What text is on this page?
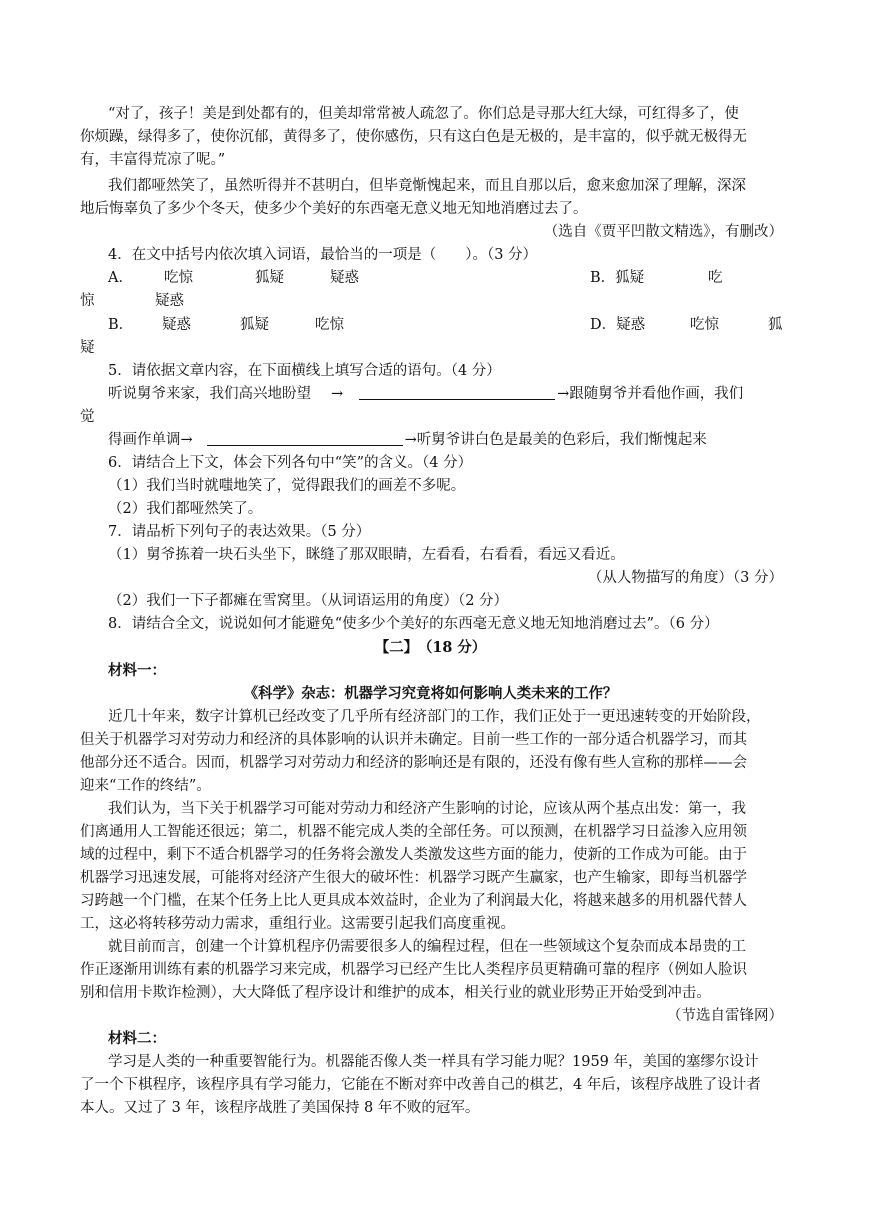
“对了，孩子！美是到处都有的，但美却常常被人疏忽了。你们总是寻那大红大绿，可红得多了，使
你烦躁，绿得多了，使你沉郁，黄得多了，使你感伤，只有这白色是无极的，是丰富的，似乎就无极得无
有，丰富得荒凉了呢。”
我们都哑然笑了，虽然听得并不甚明白，但毕竟惭愧起来，而且自那以后，愈来愈加深了理解，深深
地后悔辜负了多少个冬天，使多少个美好的东西毫无意义地无知地消磨过去了。
（选自《贾平凹散文精选》，有删改）
4．在文中括号内依次填入词语，最恰当的一项是（　　）。（3 分）
A． 吃惊	狐疑	疑惑	B．狐疑	吃
惊	疑惑
B． 疑惑	狐疑	吃惊	D．疑惑	吃惊	狐
疑
5．请依据文章内容，在下面横线上填写合适的语句。（4 分）
听说舅爷来家，我们高兴地盼望 →	→跟随舅爷并看他作画，我们
觉
得画作单调→	→听舅爷讲白色是最美的色彩后，我们惭愧起来
6．请结合上下文，体会下列各句中“笑”的含义。（4 分）
（1）我们当时就嗤地笑了，觉得跟我们的画差不多呢。
（2）我们都哑然笑了。
7．请品析下列句子的表达效果。（5 分）
（1）舅爷拣着一块石头坐下，眯缝了那双眼睛，左看看，右看看，看远又看近。
（从人物描写的角度）（3 分）
（2）我们一下子都瘫在雪窝里。（从词语运用的角度）（2 分）
8．请结合全文，说说如何才能避免“使多少个美好的东西毫无意义地无知地消磨过去”。（6 分）
【二】　（18 分）
材料一：
《科学》杂志：机器学习究竟将如何影响人类未来的工作？
近几十年来，数字计算机已经改变了几乎所有经济部门的工作，我们正处于一更迅速转变的开始阶段，
但关于机器学习对劳动力和经济的具体影响的认识并未确定。目前一些工作的一部分适合机器学习，而其
他部分还不适合。因而，机器学习对劳动力和经济的影响还是有限的，还没有像有些人宣称的那样——会
迎来“工作的终结”。
我们认为，当下关于机器学习可能对劳动力和经济产生影响的讨论，应该从两个基点出发：第一，我
们离通用人工智能还很远；第二，机器不能完成人类的全部任务。可以预测，在机器学习日益渗入应用领
域的过程中，剩下不适合机器学习的任务将会激发人类激发这些方面的能力，使新的工作成为可能。由于
机器学习迅速发展，可能将对经济产生很大的破坏性：机器学习既产生赢家，也产生输家，即每当机器学
习跨越一个门槛，在某个任务上比人更具成本效益时，企业为了利润最大化，将越来越多的用机器代替人
工，这必将转移劳动力需求，重组行业。这需要引起我们高度重视。
就目前而言，创建一个计算机程序仍需要很多人的编程过程，但在一些领域这个复杂而成本昂贵的工
作正逐渐用训练有素的机器学习来完成，机器学习已经产生比人类程序员更精确可靠的程序（例如人脸识
别和信用卡欺诈检测），大大降低了程序设计和维护的成本，相关行业的就业形势正开始受到冲击。
（节选自雷锋网）
材料二：
学习是人类的一种重要智能行为。机器能否像人类一样具有学习能力呢？1959 年，美国的塞缪尔设计
了一个下棋程序，该程序具有学习能力，它能在不断对弈中改善自己的棋艺，4 年后，该程序战胜了设计者
本人。又过了 3 年，该程序战胜了美国保持 8 年不败的冠军。
